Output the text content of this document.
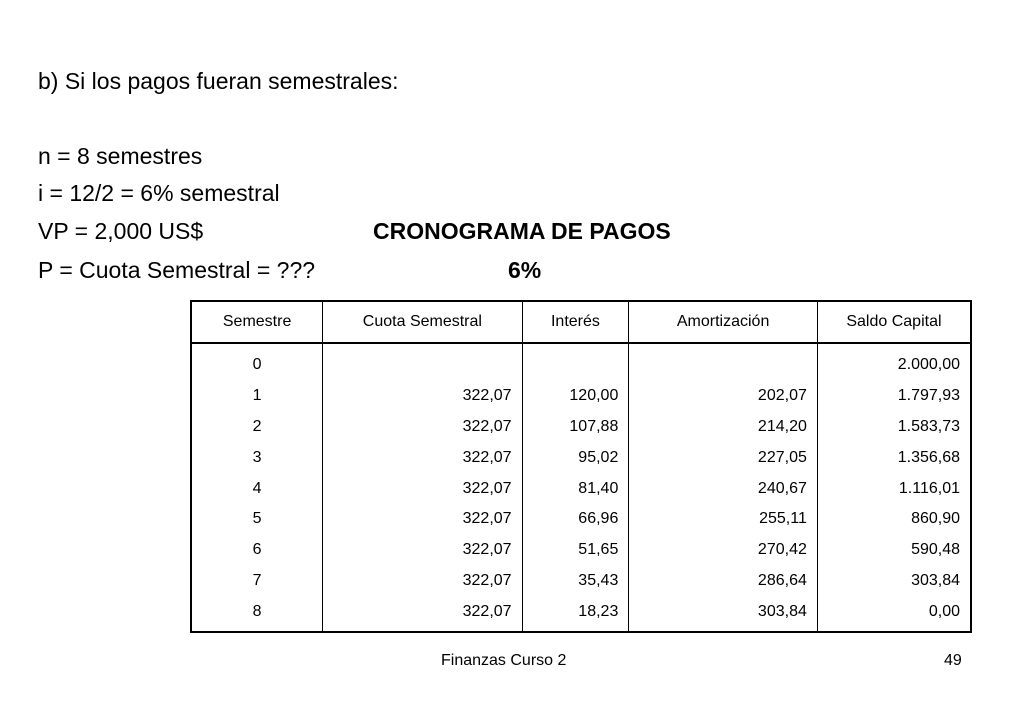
b) Si los pagos fueran semestrales:
n = 8 semestres
i = 12/2 = 6% semestral
VP = 2,000 US$	CRONOGRAMA DE PAGOS
P = Cuota Semestral = ???	6%
Semestre	Cuota Semestral	Interés	Amortización	Saldo Capital
0				2.000,00
1	322,07	120,00	202,07	1.797,93
2	322,07	107,88	214,20	1.583,73
3	322,07	95,02	227,05	1.356,68
4	322,07	81,40	240,67	1.116,01
5	322,07	66,96	255,11	860,90
6	322,07	51,65	270,42	590,48
7	322,07	35,43	286,64	303,84
8	322,07	18,23	303,84	0,00
Finanzas Curso 2	49
